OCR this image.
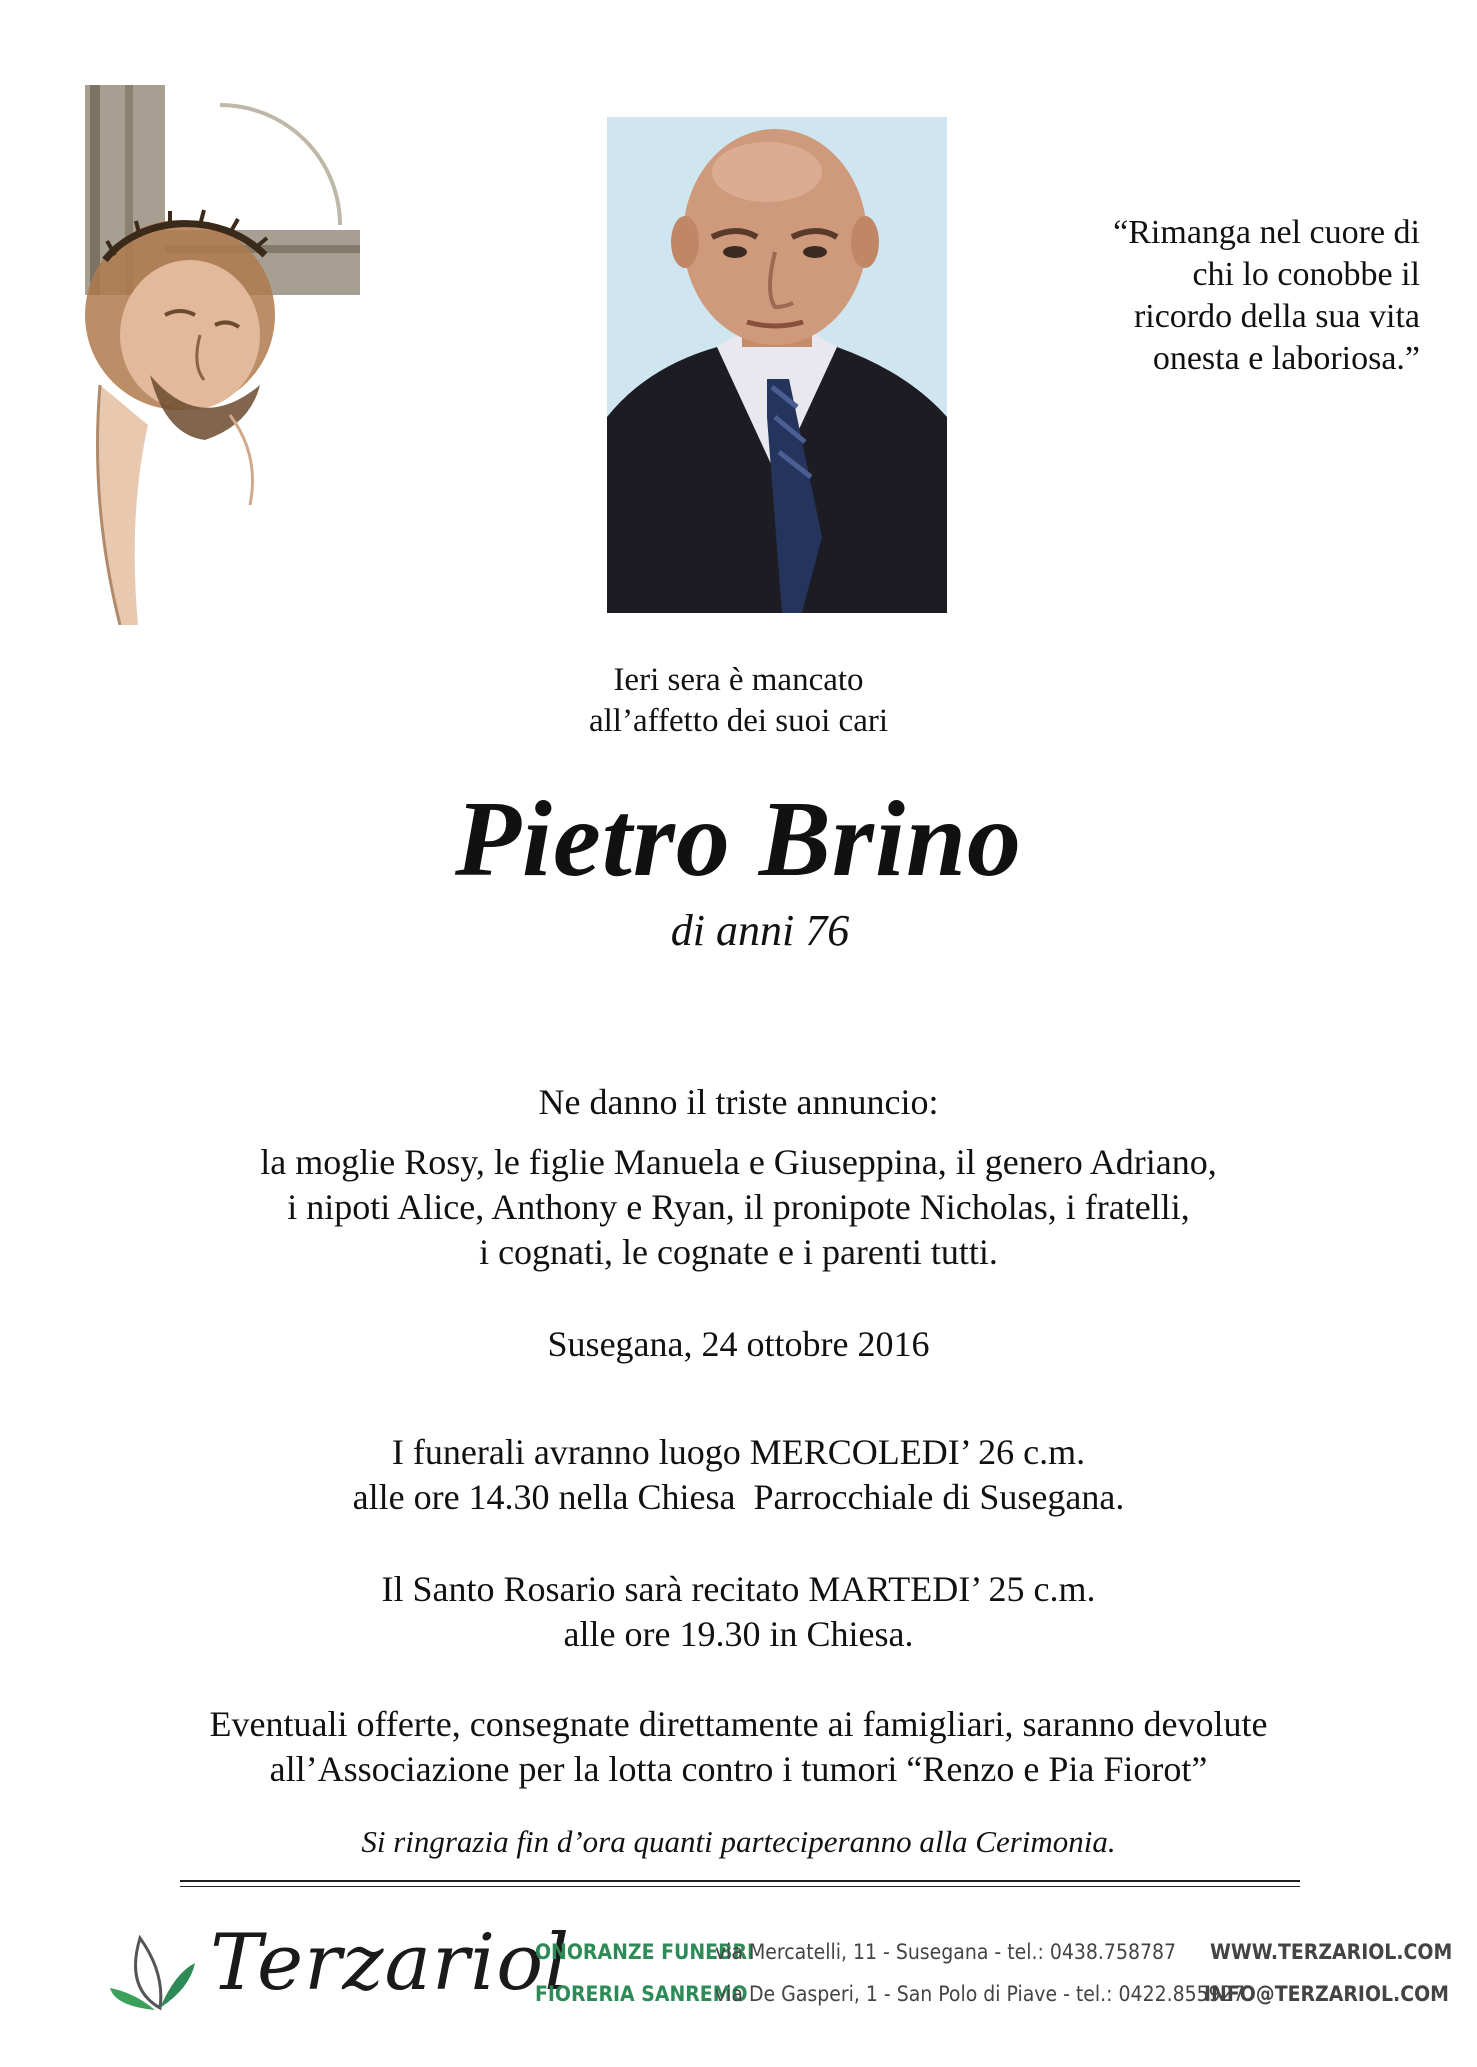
“Rimanga nel cuore di
chi lo conobbe il
ricordo della sua vita
onesta e laboriosa.”
Ieri sera è mancato
all’affetto dei suoi cari
Pietro Brino
di anni 76
Ne danno il triste annuncio:
la moglie Rosy, le figlie Manuela e Giuseppina, il genero Adriano,
i nipoti Alice, Anthony e Ryan, il pronipote Nicholas, i fratelli,
i cognati, le cognate e i parenti tutti.
Susegana, 24 ottobre 2016
I funerali avranno luogo MERCOLEDI’ 26 c.m.
alle ore 14.30 nella Chiesa  Parrocchiale di Susegana.
Il Santo Rosario sarà recitato MARTEDI’ 25 c.m.
alle ore 19.30 in Chiesa.
Eventuali offerte, consegnate direttamente ai famigliari, saranno devolute
all’Associazione per la lotta contro i tumori “Renzo e Pia Fiorot”
Si ringrazia fin d’ora quanti parteciperanno alla Cerimonia.
Terzariol
ONORANZE FUNEBRI
via Mercatelli, 11 - Susegana - tel.: 0438.758787 WWW.TERZARIOL.COM
FIORERIA SANREMO
via De Gasperi, 1 - San Polo di Piave - tel.: 0422.855927
INFO@TERZARIOL.COM
